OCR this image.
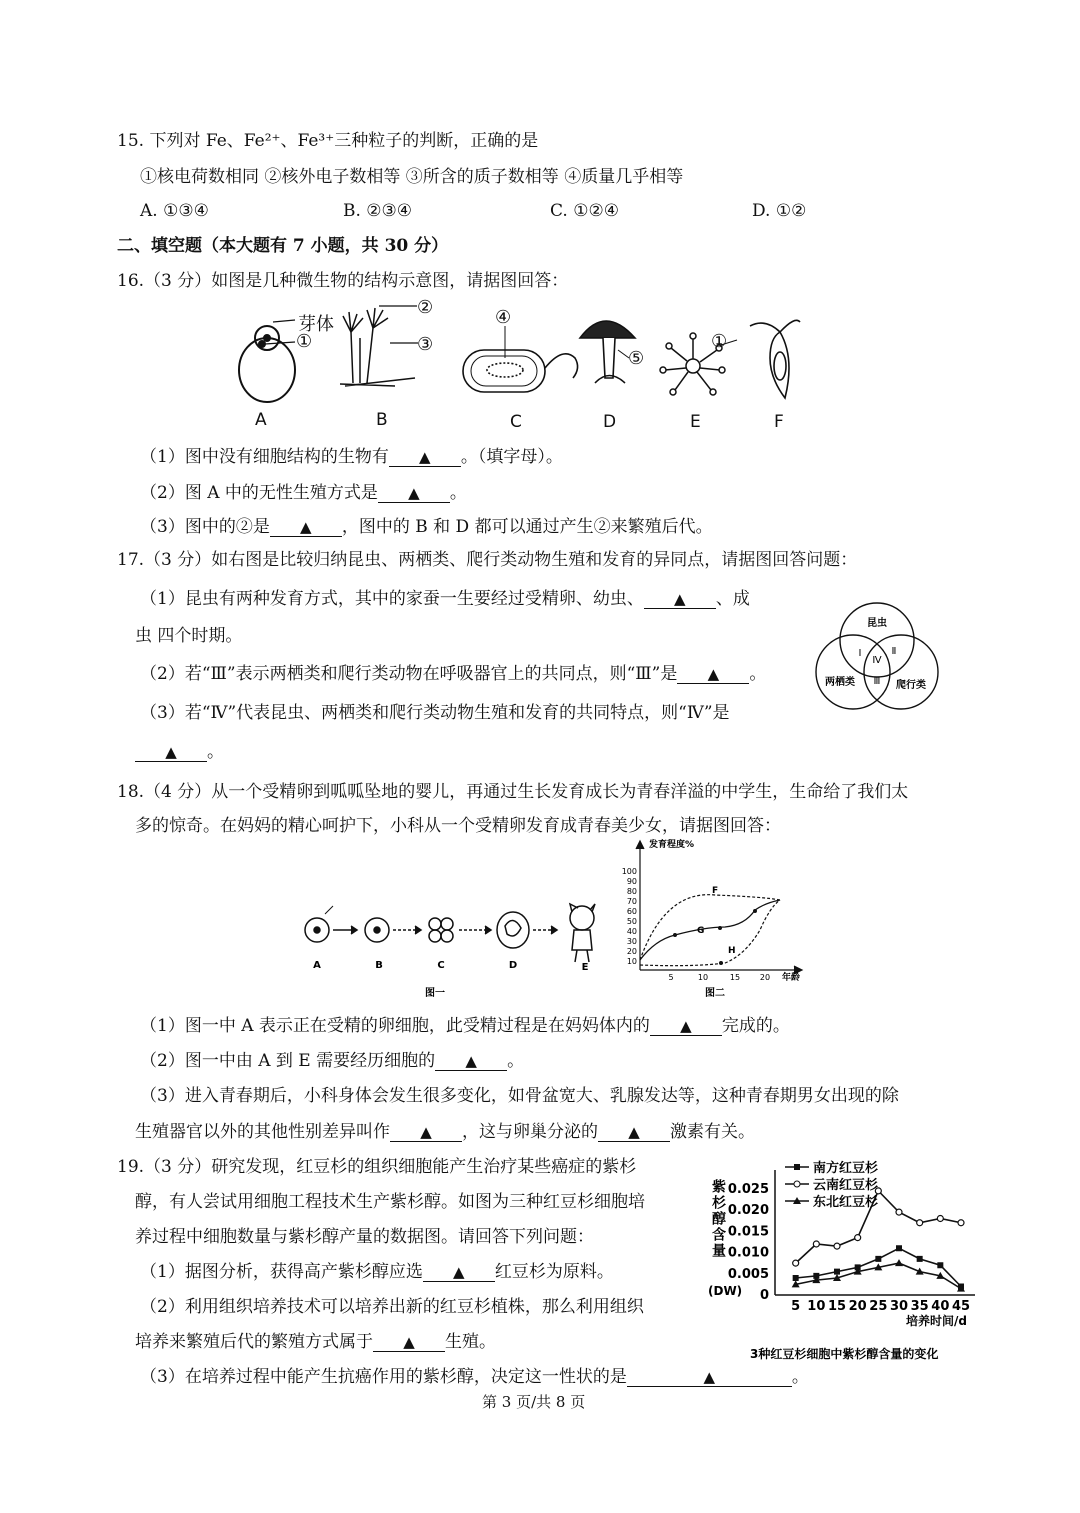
15. 下列对 Fe、Fe²⁺、Fe³⁺三种粒子的判断，正确的是
①核电荷数相同 ②核外电子数相等 ③所含的质子数相等 ④质量几乎相等
A. ①③④	B. ②③④	C. ①②④	D. ①②
二、填空题（本大题有 7 小题，共 30 分）
16.（3 分）如图是几种微生物的结构示意图，请据图回答：
芽体
①
②
③
④
⑤
①
A	B	C	D	E	F
（1）图中没有细胞结构的生物有 ▲ 。（填字母）。
（2）图 A 中的无性生殖方式是 ▲ 。
（3）图中的②是 ▲ ，图中的 B 和 D 都可以通过产生②来繁殖后代。
17.（3 分）如右图是比较归纳昆虫、两栖类、爬行类动物生殖和发育的异同点，请据图回答问题：
（1）昆虫有两种发育方式，其中的家蚕一生要经过受精卵、幼虫、 ▲ 、成
虫 四个时期。
（2）若“Ⅲ”表示两栖类和爬行类动物在呼吸器官上的共同点，则“Ⅲ”是 ▲ 。
（3）若“Ⅳ”代表昆虫、两栖类和爬行类动物生殖和发育的共同特点，则“Ⅳ”是
▲ 。
昆虫
两栖类	爬行类
Ⅰ	Ⅱ
Ⅲ
Ⅳ
18.（4 分）从一个受精卵到呱呱坠地的婴儿，再通过生长发育成长为青春洋溢的中学生，生命给了我们太
多的惊奇。在妈妈的精心呵护下，小科从一个受精卵发育成青春美少女，请据图回答：
A	B	C	D	E
图一
发育程度%
100
90
80
70
60
50
40
30
20
10
5	10	15 20 年龄
F
G
H
图二
（1）图一中 A 表示正在受精的卵细胞，此受精过程是在妈妈体内的 ▲ 完成的。
（2）图一中由 A 到 E 需要经历细胞的 ▲ 。
（3）进入青春期后，小科身体会发生很多变化，如骨盆宽大、乳腺发达等，这种青春期男女出现的除
生殖器官以外的其他性别差异叫作 ▲ ，这与卵巢分泌的 ▲ 激素有关。
19.（3 分）研究发现，红豆杉的组织细胞能产生治疗某些癌症的紫杉
醇，有人尝试用细胞工程技术生产紫杉醇。如图为三种红豆杉细胞培
养过程中细胞数量与紫杉醇产量的数据图。请回答下列问题：
（1）据图分析，获得高产紫杉醇应选 ▲ 红豆杉为原料。
（2）利用组织培养技术可以培养出新的红豆杉植株，那么利用组织
培养来繁殖后代的繁殖方式属于 ▲ 生殖。
（3）在培养过程中能产生抗癌作用的紫杉醇，决定这一性状的是	▲	。
紫杉醇含量
(DW)
培养时间/d
3种红豆杉细胞中紫杉醇含量的变化
0.025
0.020
0.015
0.010
0.005
0
5 10 15 20 25 30 35 40 45
南方红豆杉
云南红豆杉
东北红豆杉
第 3 页/共 8 页
